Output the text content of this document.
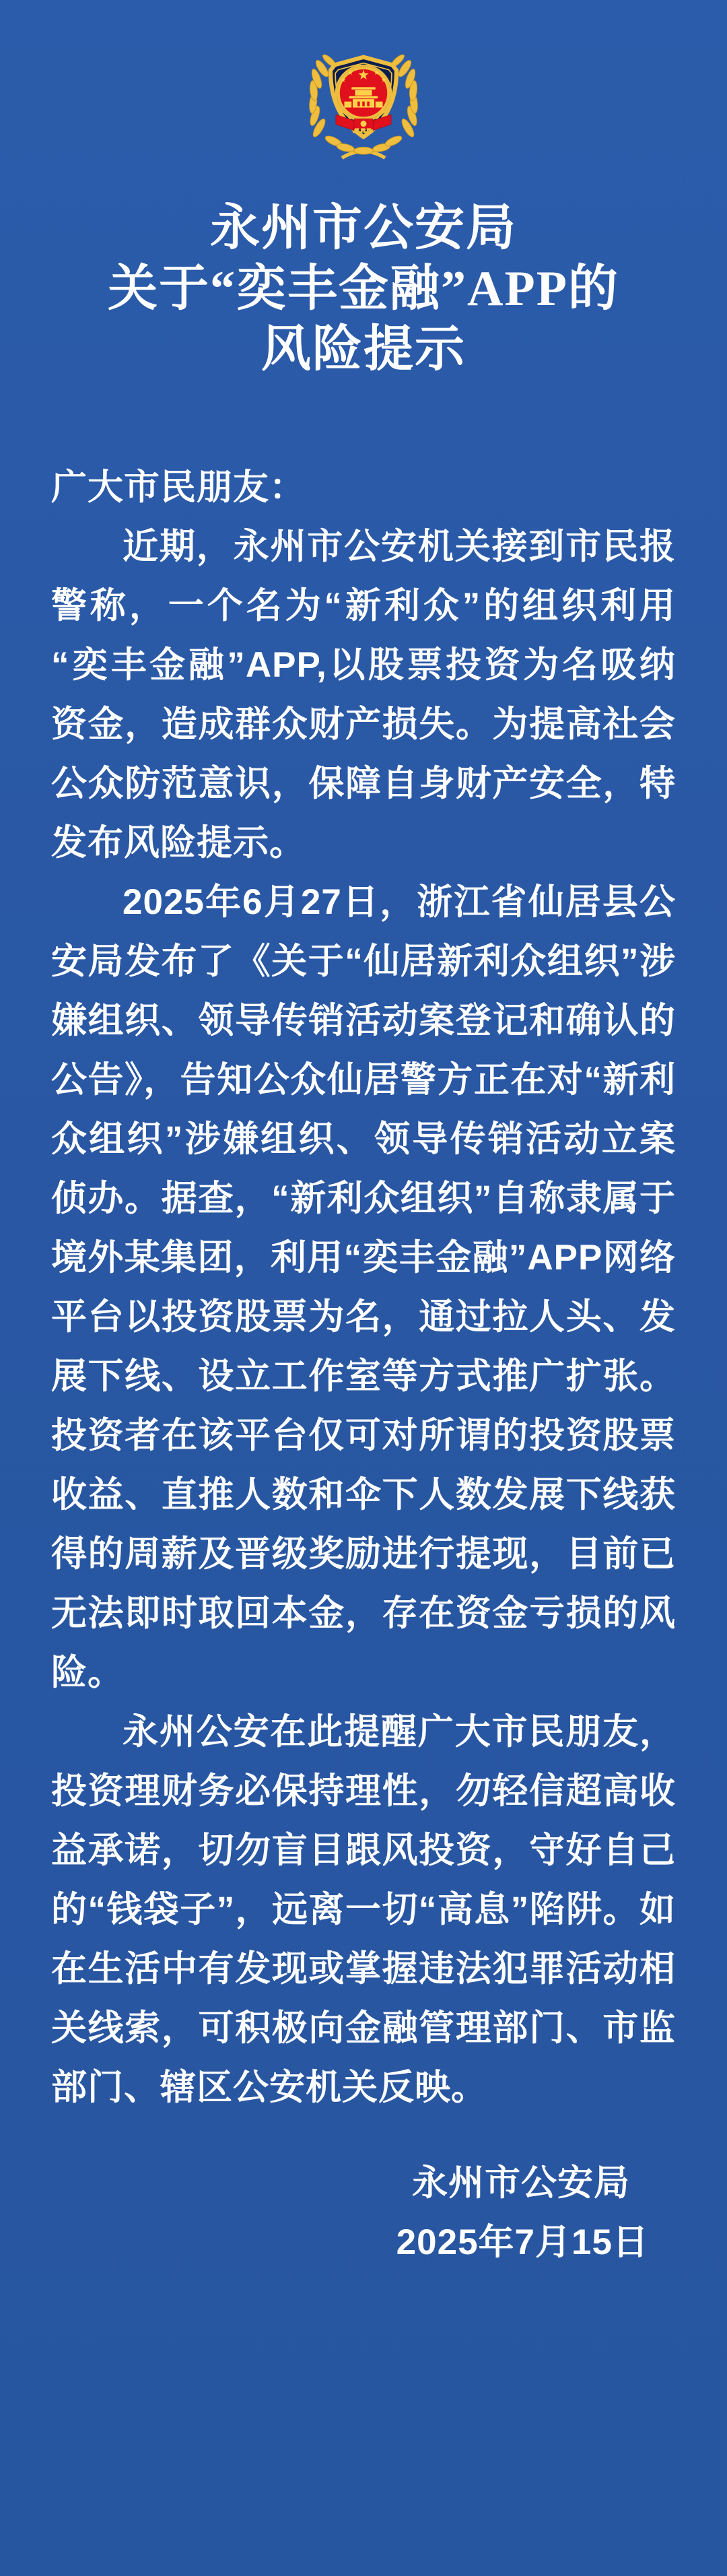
永州市公安局
关于“奕丰金融”APP的
风险提示

广大市民朋友：

近期，永州市公安机关接到市民报警称，一个名为“新利众”的组织利用“奕丰金融”APP,以股票投资为名吸纳资金，造成群众财产损失。为提高社会公众防范意识，保障自身财产安全，特发布风险提示。

2025年6月27日，浙江省仙居县公安局发布了《关于“仙居新利众组织”涉嫌组织、领导传销活动案登记和确认的公告》，告知公众仙居警方正在对“新利众组织”涉嫌组织、领导传销活动立案侦办。据查，“新利众组织”自称隶属于境外某集团，利用“奕丰金融”APP网络平台以投资股票为名，通过拉人头、发展下线、设立工作室等方式推广扩张。投资者在该平台仅可对所谓的投资股票收益、直推人数和伞下人数发展下线获得的周薪及晋级奖励进行提现，目前已无法即时取回本金，存在资金亏损的风险。

永州公安在此提醒广大市民朋友，投资理财务必保持理性，勿轻信超高收益承诺，切勿盲目跟风投资，守好自己的“钱袋子”，远离一切“高息”陷阱。如在生活中有发现或掌握违法犯罪活动相关线索，可积极向金融管理部门、市监部门、辖区公安机关反映。

永州市公安局
2025年7月15日
